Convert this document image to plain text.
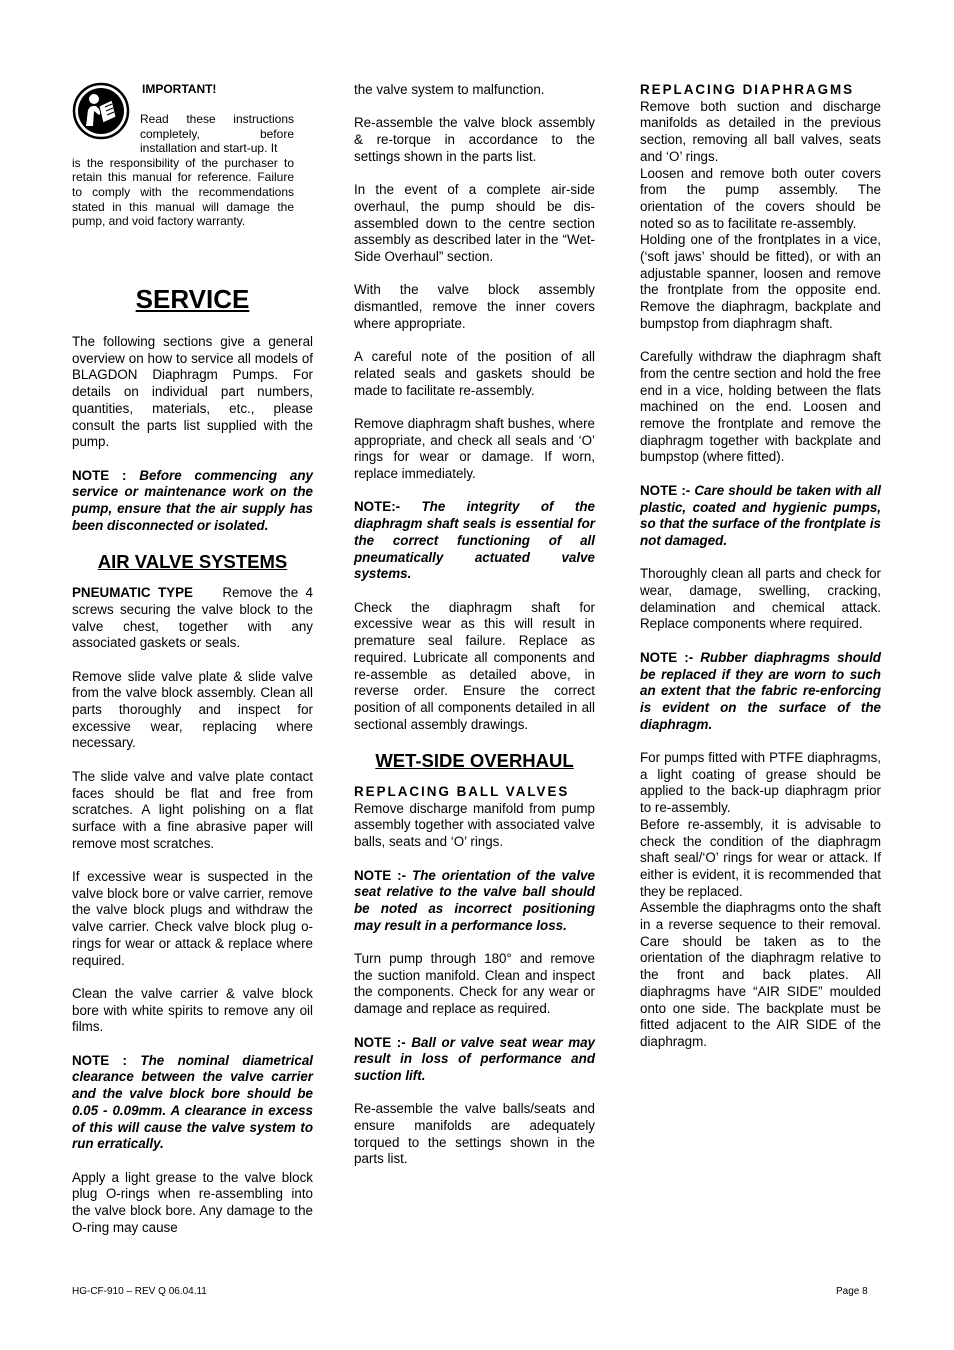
IMPORTANT!
Read these instructions completely, before installation and start-up. It
is the responsibility of the purchaser to retain this manual for reference. Failure to comply with the recommendations stated in this manual will damage the pump, and void factory warranty.
SERVICE

The following sections give a general overview on how to service all models of BLAGDON Diaphragm Pumps. For details on individual part numbers, quantities, materials, etc., please consult the parts list supplied with the pump.

NOTE : Before commencing any service or maintenance work on the pump, ensure that the air supply has been disconnected or isolated.

AIR VALVE SYSTEMS

PNEUMATIC TYPE Remove the 4 screws securing the valve block to the valve chest, together with any associated gaskets or seals.

Remove slide valve plate & slide valve from the valve block assembly. Clean all parts thoroughly and inspect for excessive wear, replacing where necessary.

The slide valve and valve plate contact faces should be flat and free from scratches. A light polishing on a flat surface with a fine abrasive paper will remove most scratches.

If excessive wear is suspected in the valve block bore or valve carrier, remove the valve block plugs and withdraw the valve carrier. Check valve block plug o-rings for wear or attack & replace where required.

Clean the valve carrier & valve block bore with white spirits to remove any oil films.

NOTE : The nominal diametrical clearance between the valve carrier and the valve block bore should be 0.05 - 0.09mm. A clearance in excess of this will cause the valve system to run erratically.

Apply a light grease to the valve block plug O-rings when re-assembling into the valve block bore. Any damage to the O-ring may cause

the valve system to malfunction.

Re-assemble the valve block assembly & re-torque in accordance to the settings shown in the parts list.

In the event of a complete air-side overhaul, the pump should be dis-assembled down to the centre section assembly as described later in the “Wet-Side Overhaul” section.

With the valve block assembly dismantled, remove the inner covers where appropriate.

A careful note of the position of all related seals and gaskets should be made to facilitate re-assembly.

Remove diaphragm shaft bushes, where appropriate, and check all seals and ‘O’ rings for wear or damage. If worn, replace immediately.

NOTE:- The integrity of the diaphragm shaft seals is essential for the correct functioning of all pneumatically actuated valve systems.

Check the diaphragm shaft for excessive wear as this will result in premature seal failure. Replace as required. Lubricate all components and re-assemble as detailed above, in reverse order. Ensure the correct position of all components detailed in all sectional assembly drawings.

WET-SIDE OVERHAUL

REPLACING BALL VALVES
Remove discharge manifold from pump assembly together with associated valve balls, seats and ‘O’ rings.

NOTE :- The orientation of the valve seat relative to the valve ball should be noted as incorrect positioning may result in a performance loss.

Turn pump through 180° and remove the suction manifold. Clean and inspect the components. Check for any wear or damage and replace as required.

NOTE :- Ball or valve seat wear may result in loss of performance and suction lift.

Re-assemble the valve balls/seats and ensure manifolds are adequately torqued to the settings shown in the parts list.

REPLACING DIAPHRAGMS
Remove both suction and discharge manifolds as detailed in the previous section, removing all ball valves, seats and ‘O’ rings.

Loosen and remove both outer covers from the pump assembly. The orientation of the covers should be noted so as to facilitate re-assembly.

Holding one of the frontplates in a vice, (‘soft jaws’ should be fitted), or with an adjustable spanner, loosen and remove the frontplate from the opposite end. Remove the diaphragm, backplate and bumpstop from diaphragm shaft.

Carefully withdraw the diaphragm shaft from the centre section and hold the free end in a vice, holding between the flats machined on the end. Loosen and remove the frontplate and remove the diaphragm together with backplate and bumpstop (where fitted).

NOTE :- Care should be taken with all plastic, coated and hygienic pumps, so that the surface of the frontplate is not damaged.

Thoroughly clean all parts and check for wear, damage, swelling, cracking, delamination and chemical attack. Replace components where required.

NOTE :- Rubber diaphragms should be replaced if they are worn to such an extent that the fabric re-enforcing is evident on the surface of the diaphragm.

For pumps fitted with PTFE diaphragms, a light coating of grease should be applied to the back-up diaphragm prior to re-assembly.

Before re-assembly, it is advisable to check the condition of the diaphragm shaft seal/‘O’ rings for wear or attack. If either is evident, it is recommended that they be replaced.

Assemble the diaphragms onto the shaft in a reverse sequence to their removal. Care should be taken as to the orientation of the diaphragm relative to the front and back plates. All diaphragms have “AIR SIDE” moulded onto one side. The backplate must be fitted adjacent to the AIR SIDE of the diaphragm.

HG-CF-910 – REV Q 06.04.11	Page 8
